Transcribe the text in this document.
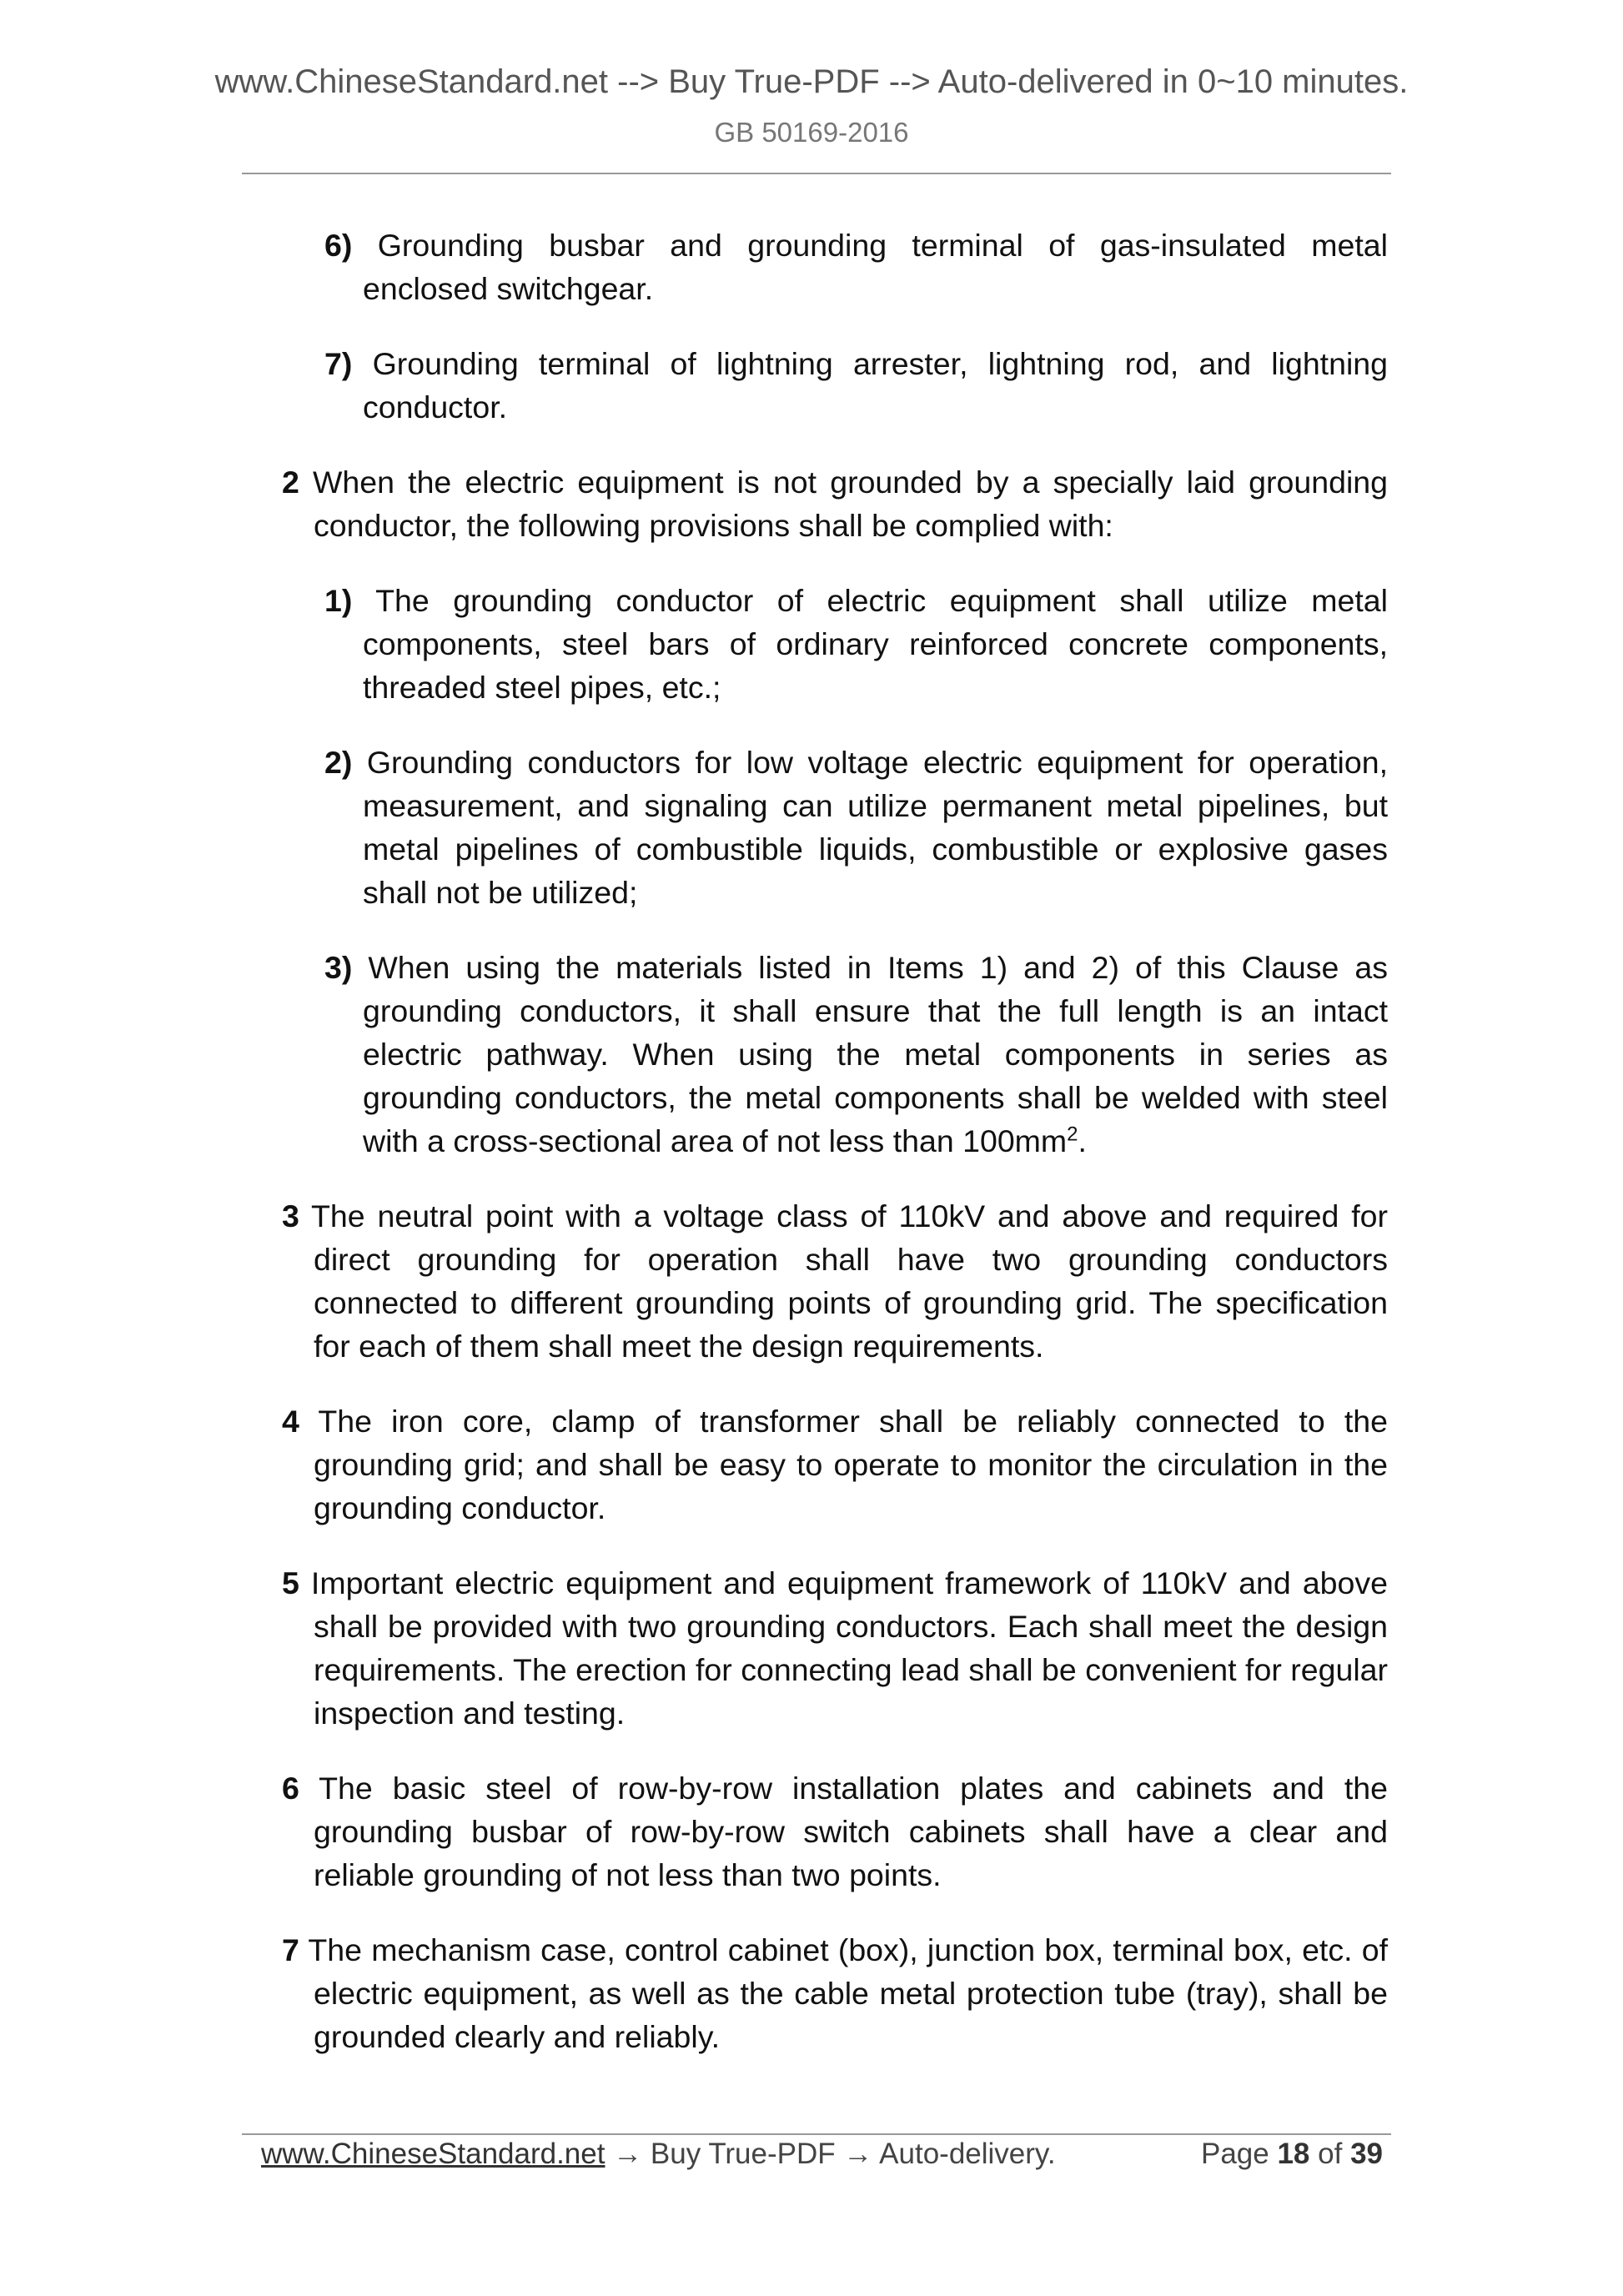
www.ChineseStandard.net --> Buy True-PDF --> Auto-delivered in 0~10 minutes.
GB 50169-2016

6) Grounding busbar and grounding terminal of gas-insulated metal enclosed switchgear.

7) Grounding terminal of lightning arrester, lightning rod, and lightning conductor.

2 When the electric equipment is not grounded by a specially laid grounding conductor, the following provisions shall be complied with:

1) The grounding conductor of electric equipment shall utilize metal components, steel bars of ordinary reinforced concrete components, threaded steel pipes, etc.;

2) Grounding conductors for low voltage electric equipment for operation, measurement, and signaling can utilize permanent metal pipelines, but metal pipelines of combustible liquids, combustible or explosive gases shall not be utilized;

3) When using the materials listed in Items 1) and 2) of this Clause as grounding conductors, it shall ensure that the full length is an intact electric pathway. When using the metal components in series as grounding conductors, the metal components shall be welded with steel with a cross-sectional area of not less than $100mm^2$.

3 The neutral point with a voltage class of 110kV and above and required for direct grounding for operation shall have two grounding conductors connected to different grounding points of grounding grid. The specification for each of them shall meet the design requirements.

4 The iron core, clamp of transformer shall be reliably connected to the grounding grid; and shall be easy to operate to monitor the circulation in the grounding conductor.

5 Important electric equipment and equipment framework of 110kV and above shall be provided with two grounding conductors. Each shall meet the design requirements. The erection for connecting lead shall be convenient for regular inspection and testing.

6 The basic steel of row-by-row installation plates and cabinets and the grounding busbar of row-by-row switch cabinets shall have a clear and reliable grounding of not less than two points.

7 The mechanism case, control cabinet (box), junction box, terminal box, etc. of electric equipment, as well as the cable metal protection tube (tray), shall be grounded clearly and reliably.

www.ChineseStandard.net → Buy True-PDF → Auto-delivery.	Page 18 of 39
